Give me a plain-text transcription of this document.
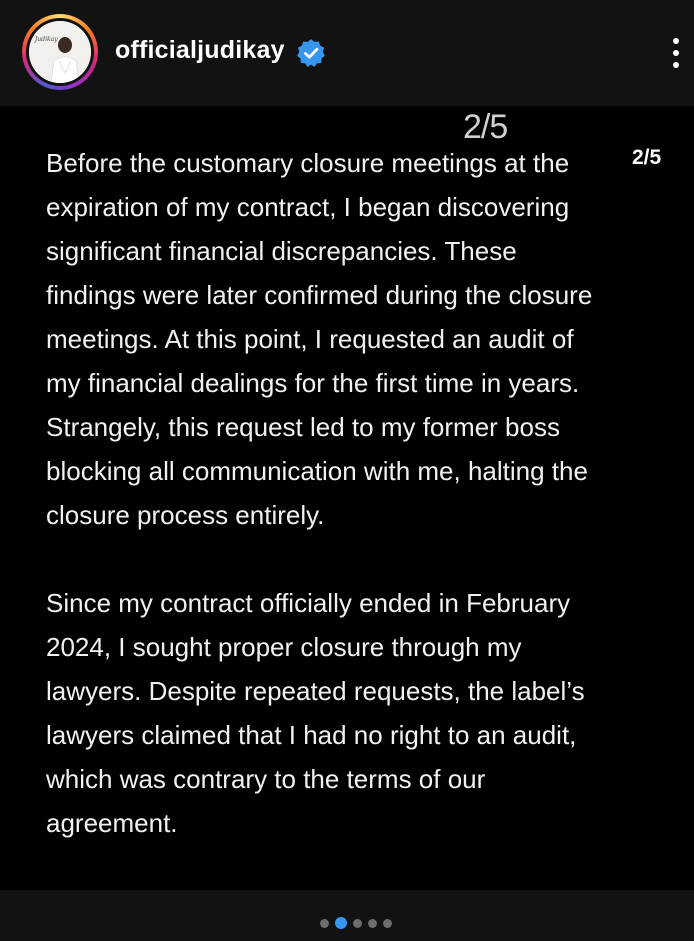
Judikay officialjudikay
2/5
Before the customary closure meetings at the
expiration of my contract, I began discovering
significant financial discrepancies. These
findings were later confirmed during the closure
meetings. At this point, I requested an audit of
my financial dealings for the first time in years.
Strangely, this request led to my former boss
blocking all communication with me, halting the
closure process entirely.
2/5
Since my contract officially ended in February
2024, I sought proper closure through my
lawyers. Despite repeated requests, the label’s
lawyers claimed that I had no right to an audit,
which was contrary to the terms of our
agreement.
